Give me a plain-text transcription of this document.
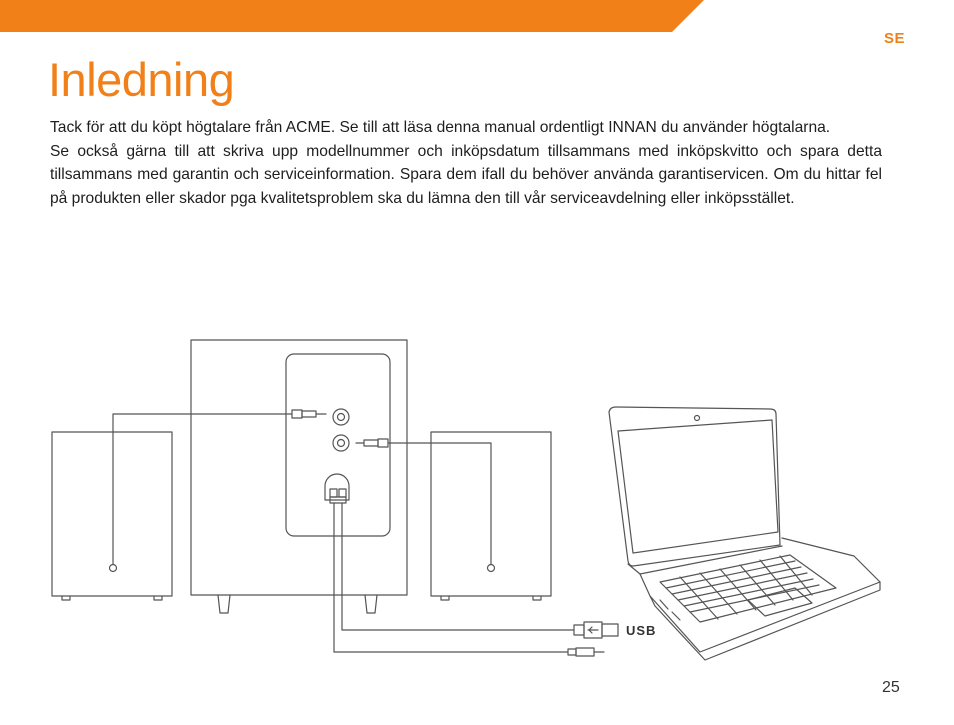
SE
Inledning

Tack för att du köpt högtalare från ACME. Se till att läsa denna manual ordentligt INNAN du använder högtalarna.

Se också gärna till att skriva upp modellnummer och inköpsdatum tillsammans med inköpskvitto och spara detta tillsammans med garantin och serviceinformation. Spara dem ifall du behöver använda garantiservicen. Om du hittar fel på produkten eller skador pga kvalitetsproblem ska du lämna den till vår serviceavdelning eller inköpsstället.

USB
25
